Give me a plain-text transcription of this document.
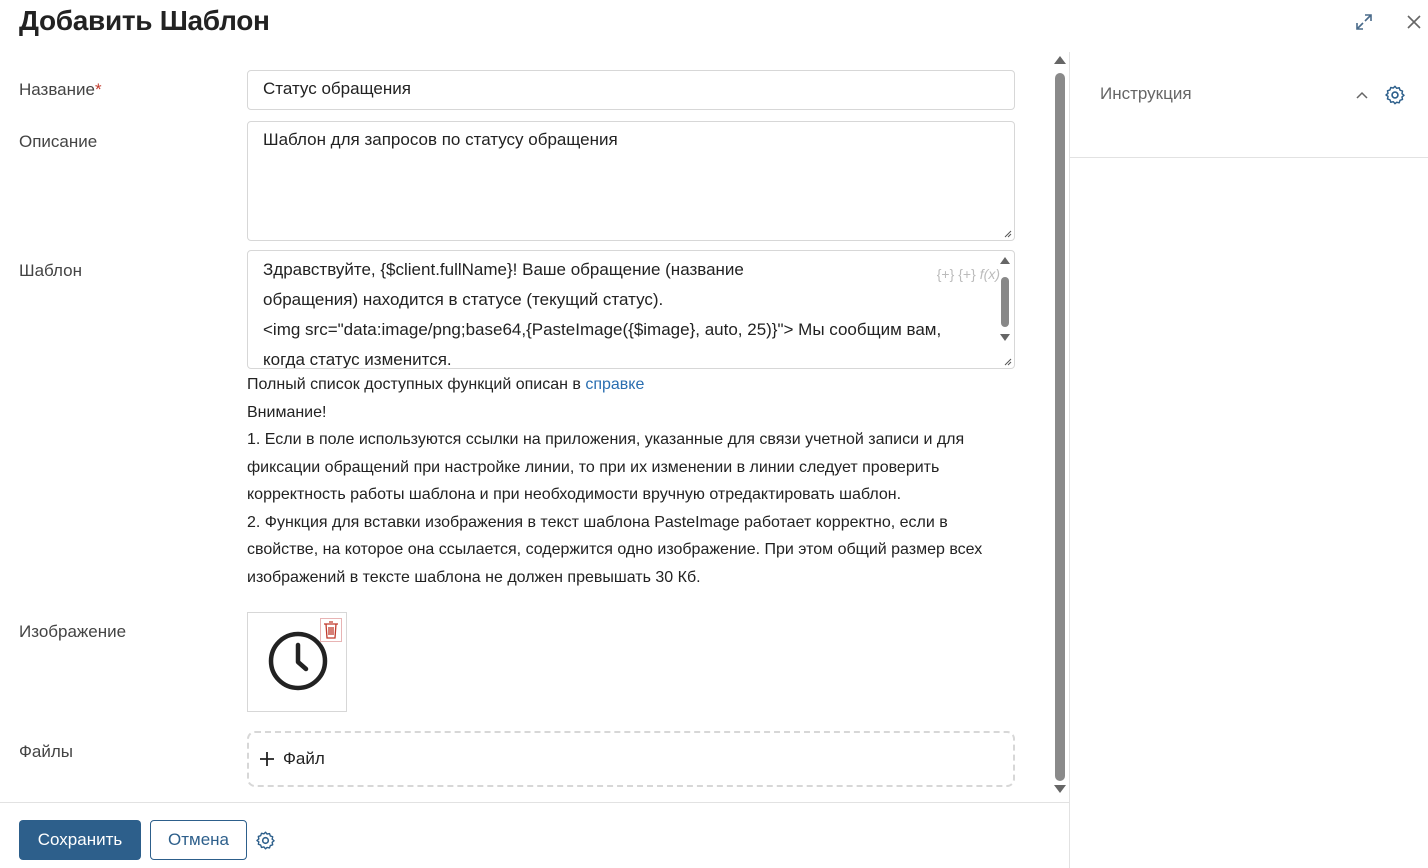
Добавить Шаблон
Название*	Статус обращения
Описание	Шаблон для запросов по статусу обращения
Шаблон	Здравствуйте, {$client.fullName}! Ваше обращение (название
обращения) находится в статусе (текущий статус).
<img src="data:image/png;base64,{PasteImage({$image}, auto, 25)}"> Мы сообщим вам,
когда статус изменится.
{+} {+} f(x)
Полный список доступных функций описан в справке
Внимание!
1. Если в поле используются ссылки на приложения, указанные для связи учетной записи и для фиксации обращений при настройке линии, то при их изменении в линии следует проверить корректность работы шаблона и при необходимости вручную отредактировать шаблон.
2. Функция для вставки изображения в текст шаблона PasteImage работает корректно, если в свойстве, на которое она ссылается, содержится одно изображение. При этом общий размер всех изображений в тексте шаблона не должен превышать 30 Кб.
Изображение
Файлы	Файл
Инструкция
Сохранить	Отмена
